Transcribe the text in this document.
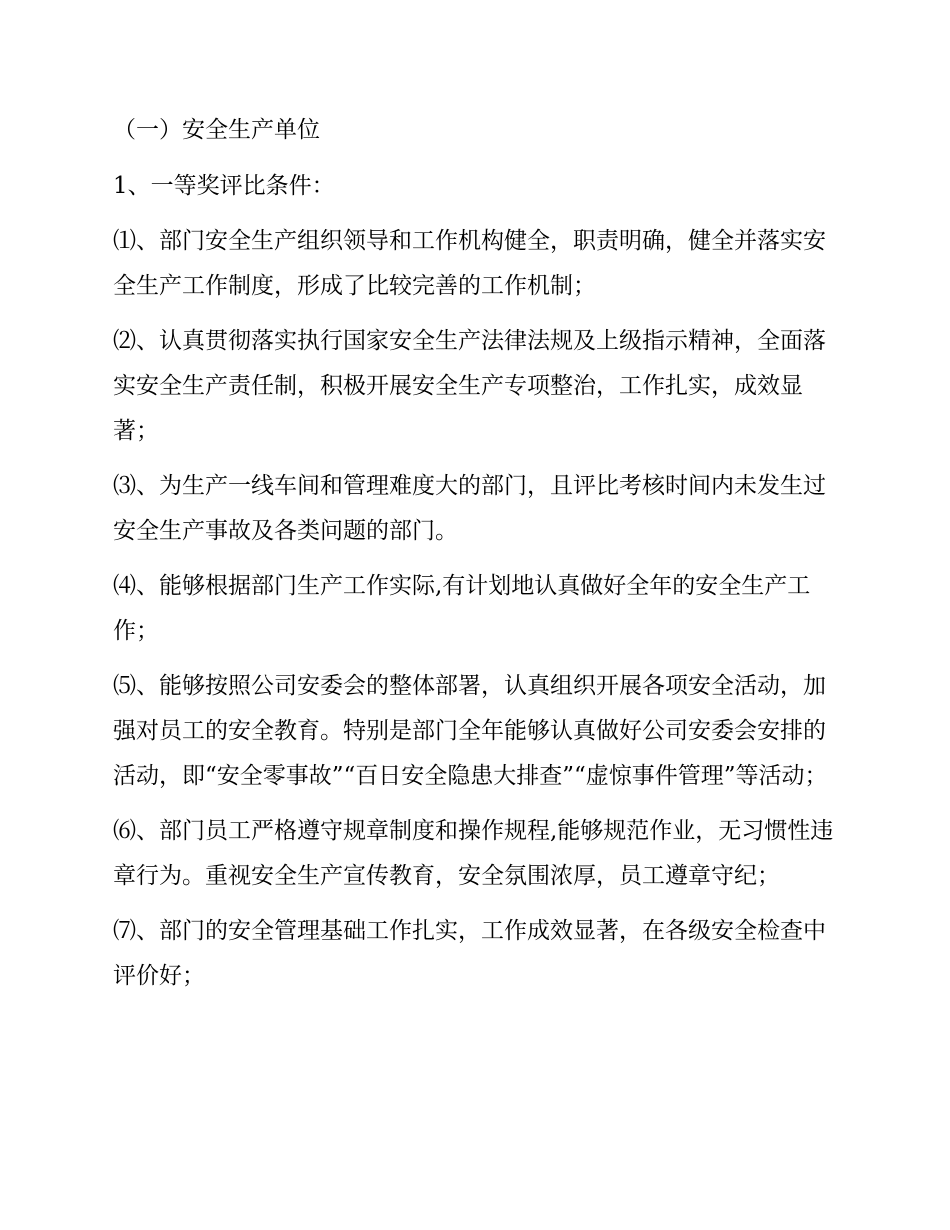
（一）安全生产单位

1、一等奖评比条件：

⑴、部门安全生产组织领导和工作机构健全，职责明确，健全并落实安全生产工作制度，形成了比较完善的工作机制；

⑵、认真贯彻落实执行国家安全生产法律法规及上级指示精神，全面落实安全生产责任制，积极开展安全生产专项整治，工作扎实，成效显著；

⑶、为生产一线车间和管理难度大的部门，且评比考核时间内未发生过安全生产事故及各类问题的部门。

⑷、能够根据部门生产工作实际,有计划地认真做好全年的安全生产工作；

⑸、能够按照公司安委会的整体部署，认真组织开展各项安全活动，加强对员工的安全教育。特别是部门全年能够认真做好公司安委会安排的活动，即“安全零事故”“百日安全隐患大排查”“虚惊事件管理”等活动；

⑹、部门员工严格遵守规章制度和操作规程,能够规范作业，无习惯性违章行为。重视安全生产宣传教育，安全氛围浓厚，员工遵章守纪；

⑺、部门的安全管理基础工作扎实，工作成效显著，在各级安全检查中评价好；
